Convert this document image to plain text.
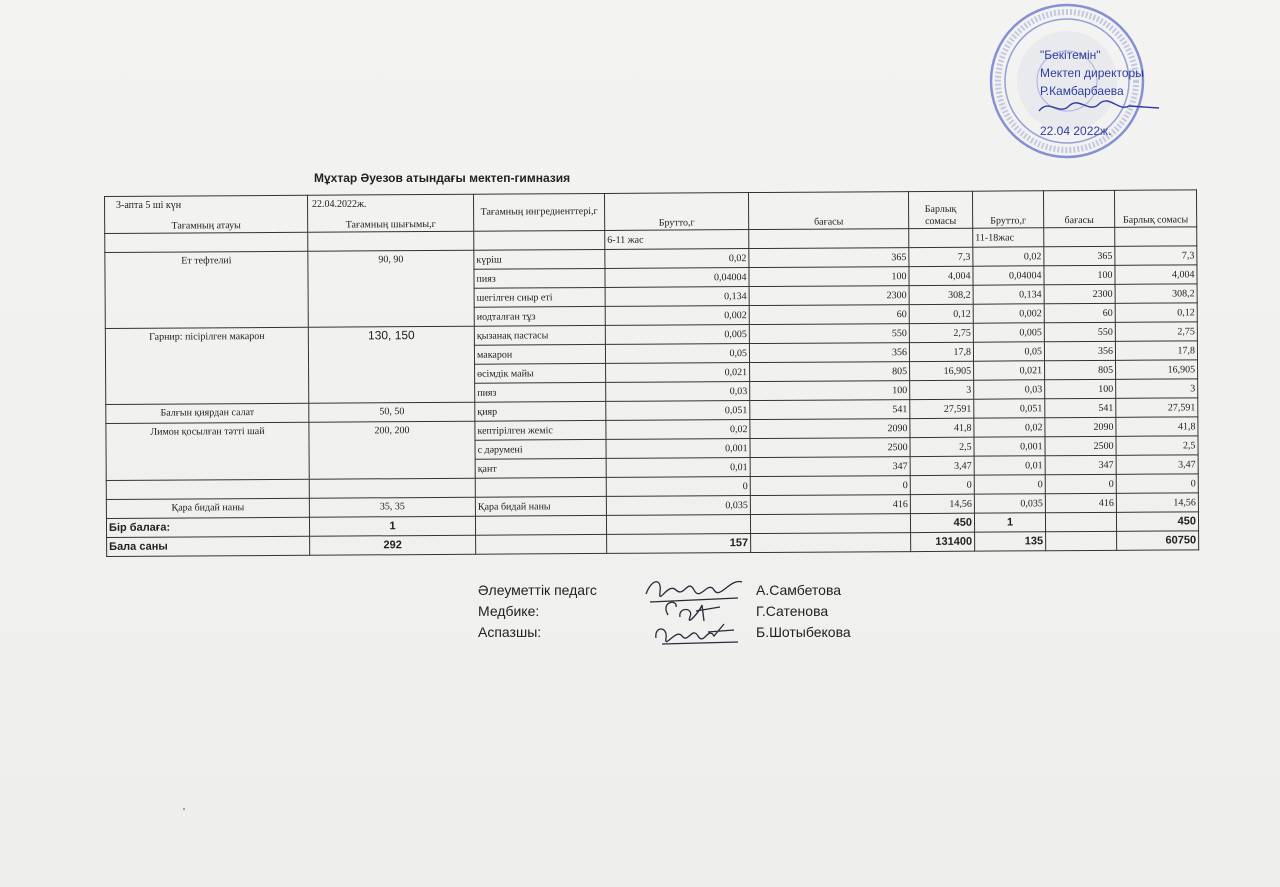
"Бекітемін"
Мектеп директоры
Р.Камбарбаева
22.04 2022ж.
Мұхтар Әуезов атындағы мектеп-гимназия
3-апта 5 ші күн	22.04.2022ж.
Тағамның атауы	Тағамның шығымы,г	Тағамның ингредиенттері,г	Брутто,г	бағасы	Барлық сомасы	Брутто,г	бағасы	Барлық сомасы
			6-11 жас			11-18жас		
Ет тефтелиі	90, 90	күріш	0,02	365	7,3	0,02	365	7,3
		пияз	0,04004	100	4,004	0,04004	100	4,004
		шегілген сиыр еті	0,134	2300	308,2	0,134	2300	308,2
		иодталған тұз	0,002	60	0,12	0,002	60	0,12
Гарнир: пісірілген макарон	130, 150	қызанақ пастасы	0,005	550	2,75	0,005	550	2,75
		макарон	0,05	356	17,8	0,05	356	17,8
		өсімдік майы	0,021	805	16,905	0,021	805	16,905
		пияз	0,03	100	3	0,03	100	3
Балғын қиярдан салат	50, 50	қияр	0,051	541	27,591	0,051	541	27,591
Лимон қосылған тәтті шай	200, 200	кептірілген жеміс	0,02	2090	41,8	0,02	2090	41,8
		с дәрумені	0,001	2500	2,5	0,001	2500	2,5
		қант	0,01	347	3,47	0,01	347	3,47
			0	0	0	0	0	0
Қара бидай наны	35, 35	Қара бидай наны	0,035	416	14,56	0,035	416	14,56
Бір балаға:	1				450	1		450
Бала саны	292		157		131400	135		60750
Әлеуметтік педагс	А.Самбетова
Медбике:	Г.Сатенова
Аспазшы:	Б.Шотыбекова
